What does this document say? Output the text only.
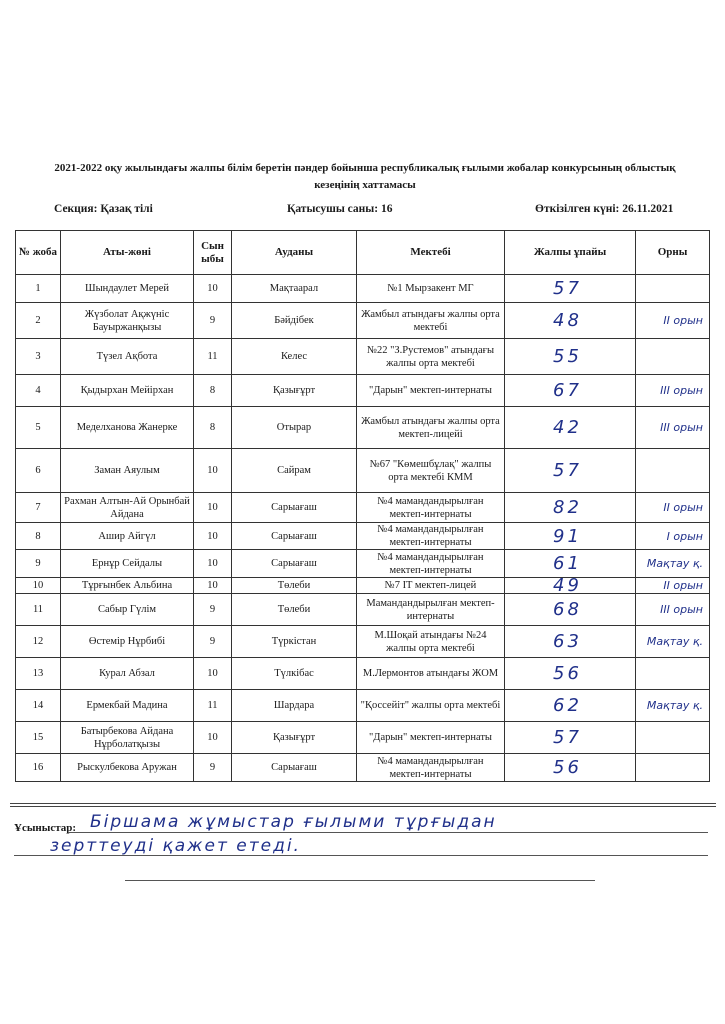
2021-2022 оқу жылындағы жалпы білім беретін пәндер бойынша республикалық ғылыми жобалар конкурсының облыстық
кезеңінің хаттамасы
Секция: Қазақ тілі	Қатысушы саны: 16	Өткізілген күні: 26.11.2021
№ жоба	Аты-жөні	Сын ыбы	Ауданы	Мектебі	Жалпы ұпайы	Орны
1	Шындаулет Мерей	10	Мақтаарал	№1 Мырзакент МГ	57	
2	Жүзболат Ақжүніс Бауыржанқызы	9	Бәйдібек	Жамбыл атындағы жалпы орта мектебі	48	II орын
3	Түзел Ақбота	11	Келес	№22 "З.Рустемов" атындағы жалпы орта мектебі	55	
4	Қыдырхан Мейірхан	8	Қазығұрт	"Дарын" мектеп-интернаты	67	III орын
5	Меделханова Жанерке	8	Отырар	Жамбыл атындағы жалпы орта мектеп-лицейі	42	III орын
6	Заман Аяулым	10	Сайрам	№67 "Көмешбұлақ" жалпы орта мектебі КММ	57	
7	Рахман Алтын-Ай Орынбай Айдана	10	Сарыағаш	№4 мамандандырылған мектеп-интернаты	82	II орын
8	Ашир Айгүл	10	Сарыағаш	№4 мамандандырылған мектеп-интернаты	91	I орын
9	Ернұр Сейдалы	10	Сарыағаш	№4 мамандандырылған мектеп-интернаты	61	Мақтау қ.
10	Тұрғынбек Альбина	10	Төлеби	№7 IT мектеп-лицей	49	II орын
11	Сабыр Гүлім	9	Төлеби	Мамандандырылған мектеп-интернаты	68	III орын
12	Өстемір Нұрбибі	9	Түркістан	М.Шоқай атындағы №24 жалпы орта мектебі	63	Мақтау қ.
13	Курал Абзал	10	Түлкібас	М.Лермонтов атындағы ЖОМ	56	
14	Ермекбай Мадина	11	Шардара	"Қоссейіт" жалпы орта мектебі	62	Мақтау қ.
15	Батырбекова Айдана Нұрболатқызы	10	Қазығұрт	"Дарын" мектеп-интернаты	57	
16	Рыскулбекова Аружан	9	Сарыағаш	№4 мамандандырылған мектеп-интернаты	56	
Ұсыныстар: Біршама жұмыстар ғылыми тұрғыдан
зерттеуді қажет етеді.
